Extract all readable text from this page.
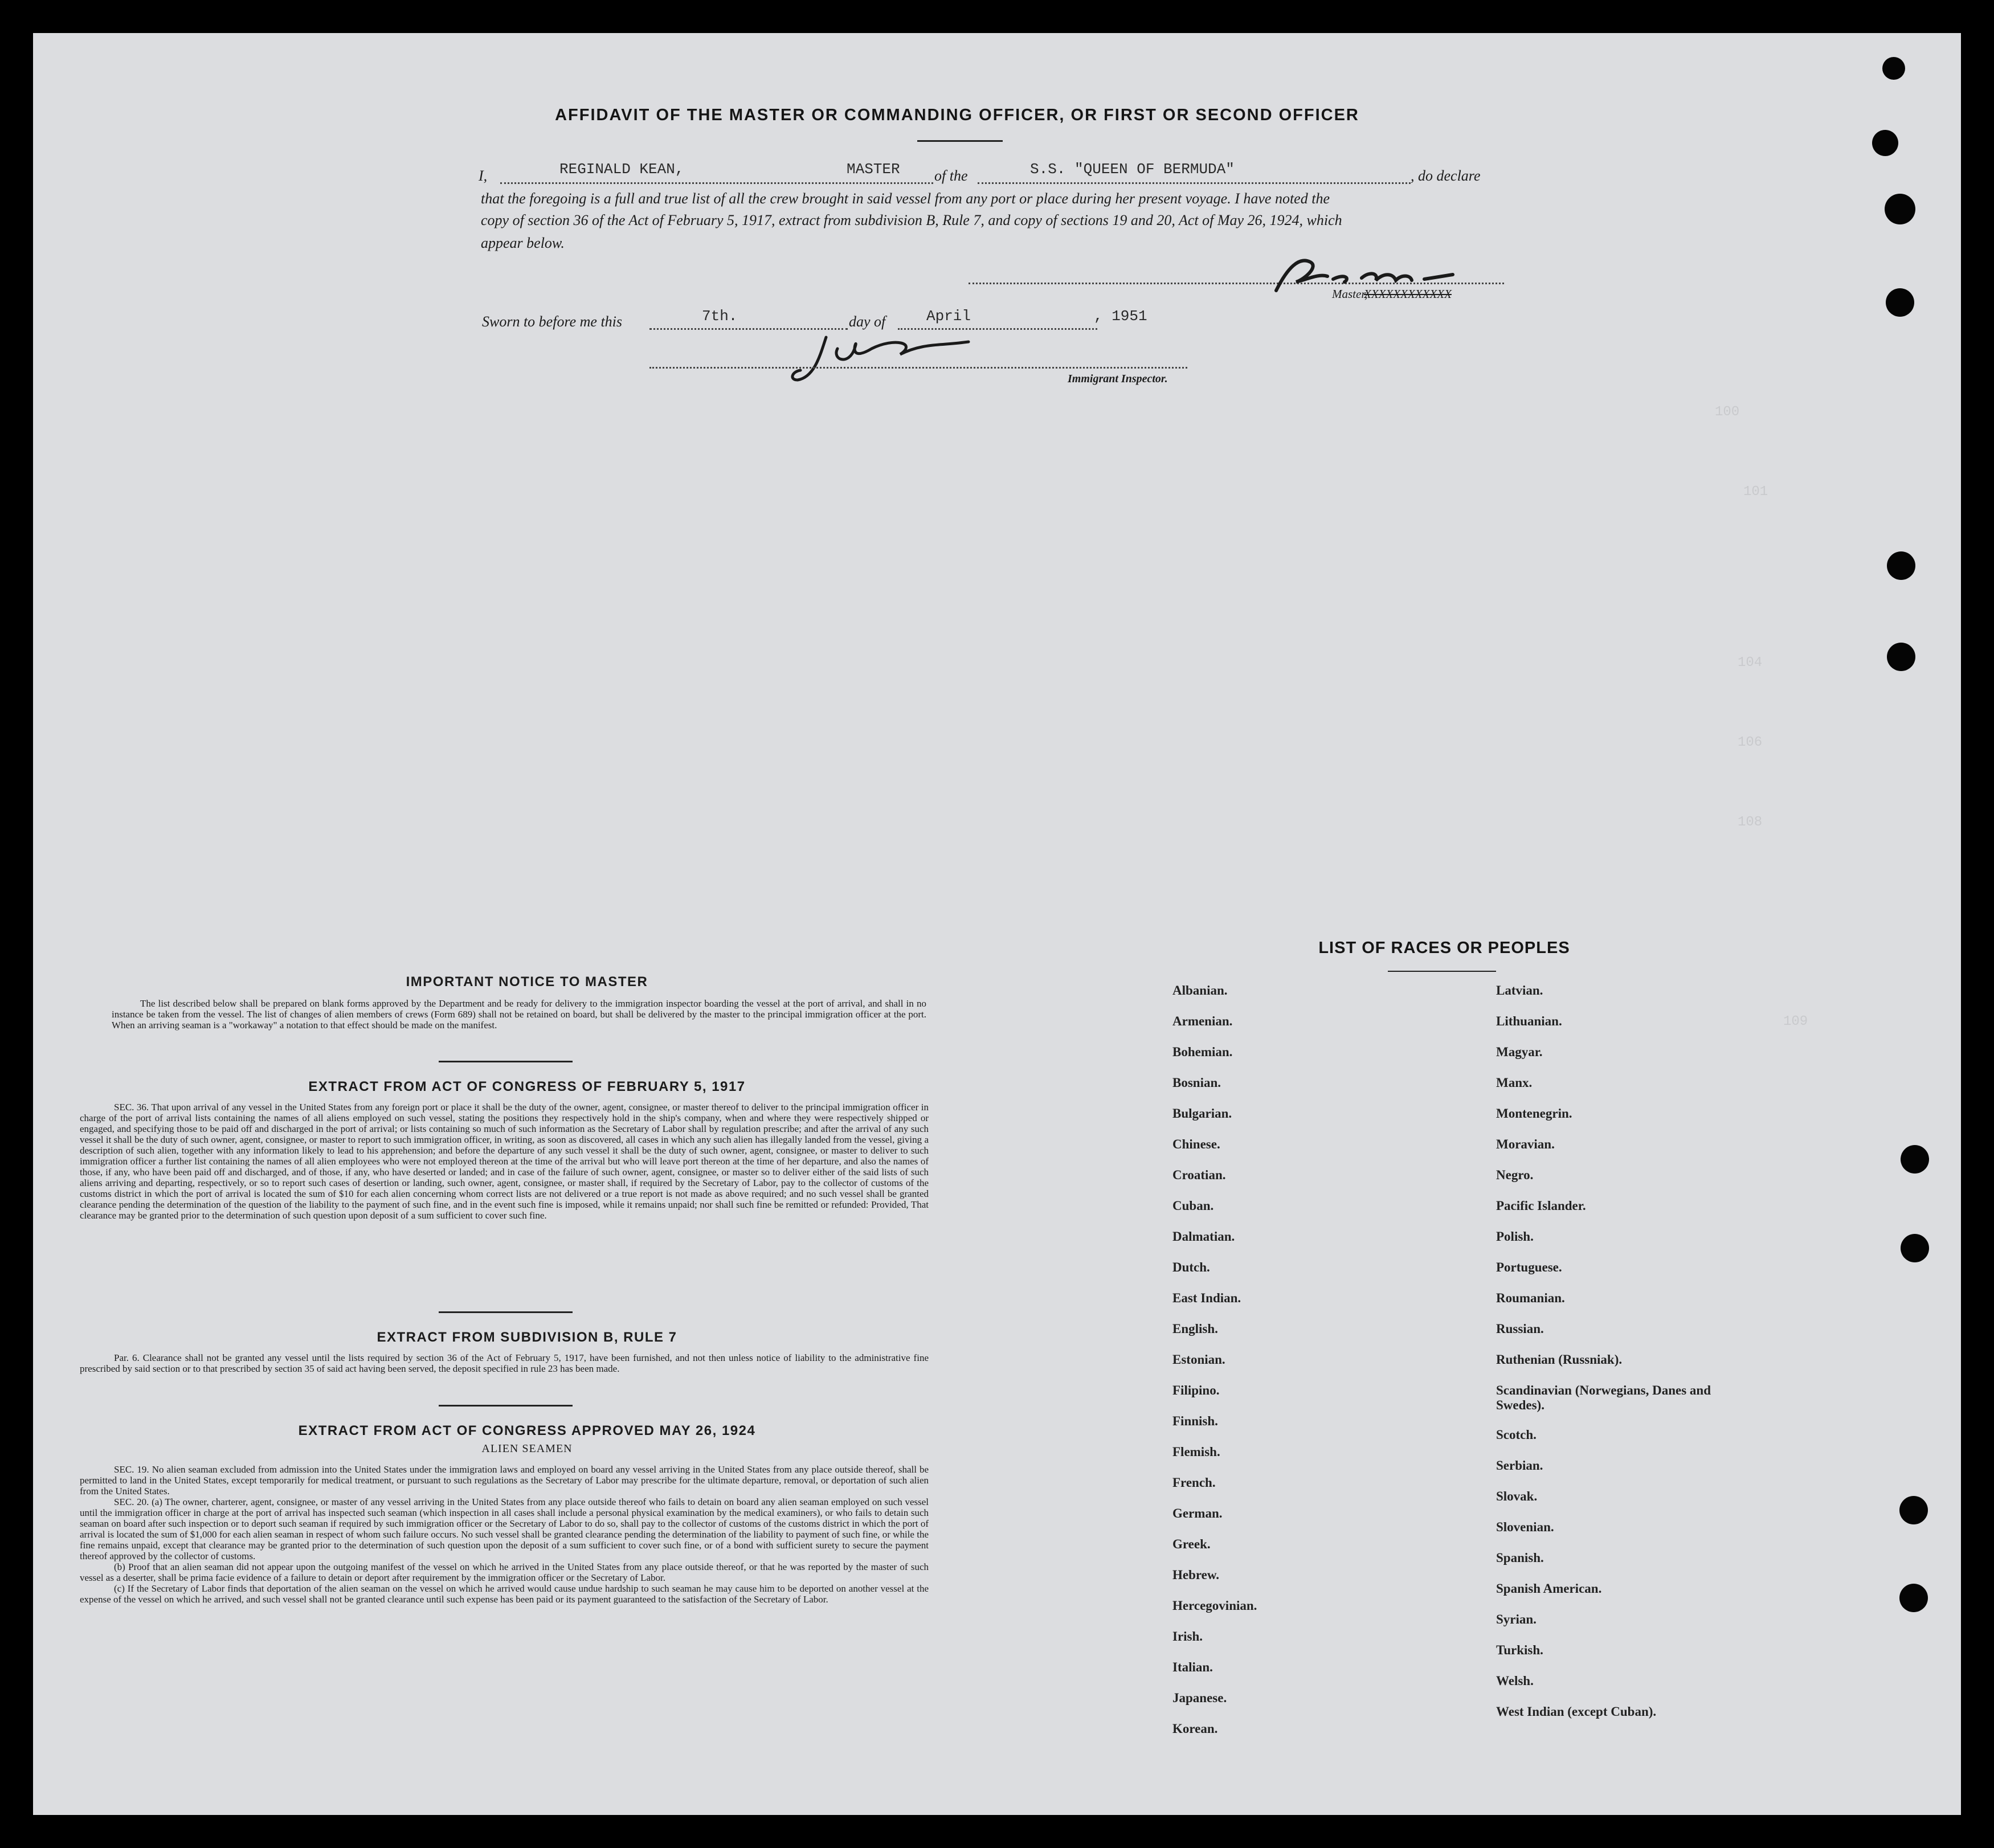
100
101
104
106
108
109
AFFIDAVIT OF THE MASTER OR COMMANDING OFFICER, OR FIRST OR SECOND OFFICER
I,	REGINALD KEAN,	MASTER of the	S.S. "QUEEN OF BERMUDA"	, do declare
that the foregoing is a full and true list of all the crew brought in said vessel from any port or place during her present voyage. I have noted the
copy of section 36 of the Act of February 5, 1917, extract from subdivision B, Rule 7, and copy of sections 19 and 20, Act of May 26, 1924, which
appear below.
Master,
XXXXXXXXXXXX
Sworn to before me this	7th.	day of	April	, 1951
Immigrant Inspector.
IMPORTANT NOTICE TO MASTER
The list described below shall be prepared on blank forms approved by the Department and be ready for delivery to the immigration inspector boarding the vessel at the port of arrival, and shall in no instance be taken from the vessel. The list of changes of alien members of crews (Form 689) shall not be retained on board, but shall be delivered by the master to the principal immigration officer at the port. When an arriving seaman is a "workaway" a notation to that effect should be made on the manifest.
EXTRACT FROM ACT OF CONGRESS OF FEBRUARY 5, 1917
SEC. 36. That upon arrival of any vessel in the United States from any foreign port or place it shall be the duty of the owner, agent, consignee, or master thereof to deliver to the principal immigration officer in charge of the port of arrival lists containing the names of all aliens employed on such vessel, stating the positions they respectively hold in the ship's company, when and where they were respectively shipped or engaged, and specifying those to be paid off and discharged in the port of arrival; or lists containing so much of such information as the Secretary of Labor shall by regulation prescribe; and after the arrival of any such vessel it shall be the duty of such owner, agent, consignee, or master to report to such immigration officer, in writing, as soon as discovered, all cases in which any such alien has illegally landed from the vessel, giving a description of such alien, together with any information likely to lead to his apprehension; and before the departure of any such vessel it shall be the duty of such owner, agent, consignee, or master to deliver to such immigration officer a further list containing the names of all alien employees who were not employed thereon at the time of the arrival but who will leave port thereon at the time of her departure, and also the names of those, if any, who have been paid off and discharged, and of those, if any, who have deserted or landed; and in case of the failure of such owner, agent, consignee, or master so to deliver either of the said lists of such aliens arriving and departing, respectively, or so to report such cases of desertion or landing, such owner, agent, consignee, or master shall, if required by the Secretary of Labor, pay to the collector of customs of the customs district in which the port of arrival is located the sum of $10 for each alien concerning whom correct lists are not delivered or a true report is not made as above required; and no such vessel shall be granted clearance pending the determination of the question of the liability to the payment of such fine, and in the event such fine is imposed, while it remains unpaid; nor shall such fine be remitted or refunded: Provided, That clearance may be granted prior to the determination of such question upon deposit of a sum sufficient to cover such fine.
EXTRACT FROM SUBDIVISION B, RULE 7
Par. 6. Clearance shall not be granted any vessel until the lists required by section 36 of the Act of February 5, 1917, have been furnished, and not then unless notice of liability to the administrative fine prescribed by said section or to that prescribed by section 35 of said act having been served, the deposit specified in rule 23 has been made.
EXTRACT FROM ACT OF CONGRESS APPROVED MAY 26, 1924
ALIEN SEAMEN
SEC. 19. No alien seaman excluded from admission into the United States under the immigration laws and employed on board any vessel arriving in the United States from any place outside thereof, shall be permitted to land in the United States, except temporarily for medical treatment, or pursuant to such regulations as the Secretary of Labor may prescribe for the ultimate departure, removal, or deportation of such alien from the United States.
SEC. 20. (a) The owner, charterer, agent, consignee, or master of any vessel arriving in the United States from any place outside thereof who fails to detain on board any alien seaman employed on such vessel until the immigration officer in charge at the port of arrival has inspected such seaman (which inspection in all cases shall include a personal physical examination by the medical examiners), or who fails to detain such seaman on board after such inspection or to deport such seaman if required by such immigration officer or the Secretary of Labor to do so, shall pay to the collector of customs of the customs district in which the port of arrival is located the sum of $1,000 for each alien seaman in respect of whom such failure occurs. No such vessel shall be granted clearance pending the determination of the liability to payment of such fine, or while the fine remains unpaid, except that clearance may be granted prior to the determination of such question upon the deposit of a sum sufficient to cover such fine, or of a bond with sufficient surety to secure the payment thereof approved by the collector of customs.
(b) Proof that an alien seaman did not appear upon the outgoing manifest of the vessel on which he arrived in the United States from any place outside thereof, or that he was reported by the master of such vessel as a deserter, shall be prima facie evidence of a failure to detain or deport after requirement by the immigration officer or the Secretary of Labor.
(c) If the Secretary of Labor finds that deportation of the alien seaman on the vessel on which he arrived would cause undue hardship to such seaman he may cause him to be deported on another vessel at the expense of the vessel on which he arrived, and such vessel shall not be granted clearance until such expense has been paid or its payment guaranteed to the satisfaction of the Secretary of Labor.
LIST OF RACES OR PEOPLES
Albanian.
Armenian.
Bohemian.
Bosnian.
Bulgarian.
Chinese.
Croatian.
Cuban.
Dalmatian.
Dutch.
East Indian.
English.
Estonian.
Filipino.
Finnish.
Flemish.
French.
German.
Greek.
Hebrew.
Hercegovinian.
Irish.
Italian.
Japanese.
Korean.
Latvian.
Lithuanian.
Magyar.
Manx.
Montenegrin.
Moravian.
Negro.
Pacific Islander.
Polish.
Portuguese.
Roumanian.
Russian.
Ruthenian (Russniak).
Scandinavian (Norwegians, Danes and Swedes).
Scotch.
Serbian.
Slovak.
Slovenian.
Spanish.
Spanish American.
Syrian.
Turkish.
Welsh.
West Indian (except Cuban).
